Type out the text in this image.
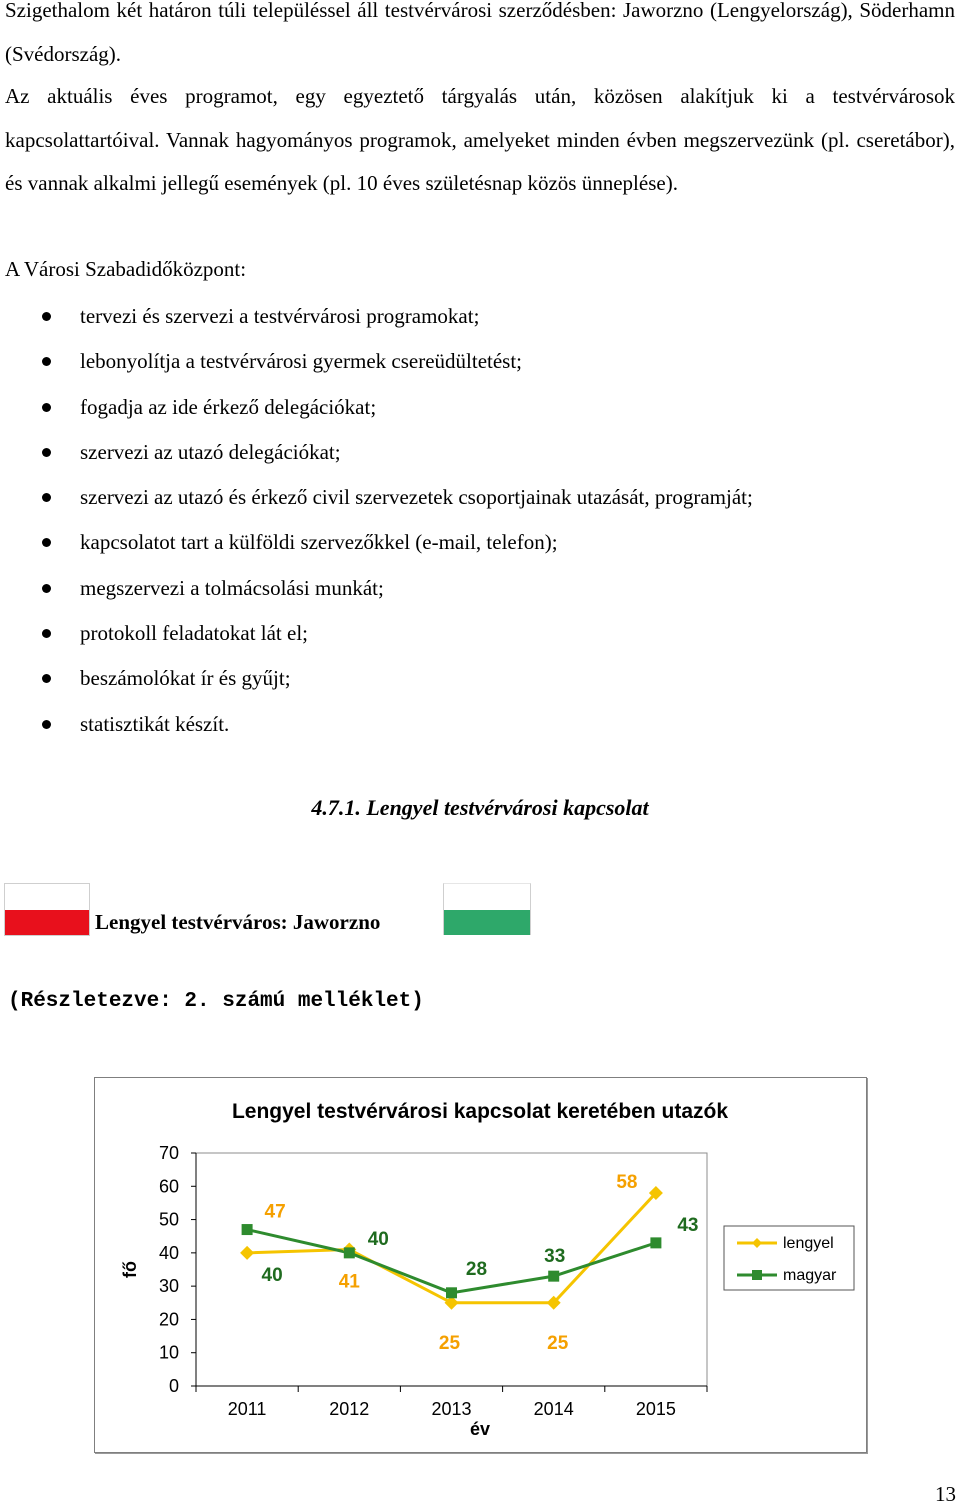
Szigethalom két határon túli településsel áll testvérvárosi szerződésben: Jaworzno (Lengyelország), Söderhamn (Svédország).

Az aktuális éves programot, egy egyeztető tárgyalás után, közösen alakítjuk ki a testvérvárosok kapcsolattartóival. Vannak hagyományos programok, amelyeket minden évben megszervezünk (pl. cseretábor), és vannak alkalmi jellegű események (pl. 10 éves születésnap közös ünneplése).

A Városi Szabadidőközpont:
tervezi és szervezi a testvérvárosi programokat;
lebonyolítja a testvérvárosi gyermek csereüdültetést;
fogadja az ide érkező delegációkat;
szervezi az utazó delegációkat;
szervezi az utazó és érkező civil szervezetek csoportjainak utazását, programját;
kapcsolatot tart a külföldi szervezőkkel (e-mail, telefon);
megszervezi a tolmácsolási munkát;
protokoll feladatokat lát el;
beszámolókat ír és gyűjt;
statisztikát készít.
4.7.1. Lengyel testvérvárosi kapcsolat
Lengyel testvérváros: Jaworzno
(Részletezve: 2. számú melléklet)
Lengyel testvérvárosi kapcsolat keretében utazók
0
10
20
30
40
50
60
70
2011	2012	2013	2014	2015
év
fő
47
40
28
33
43
40	41
25	25
58
lengyel
magyar
13
